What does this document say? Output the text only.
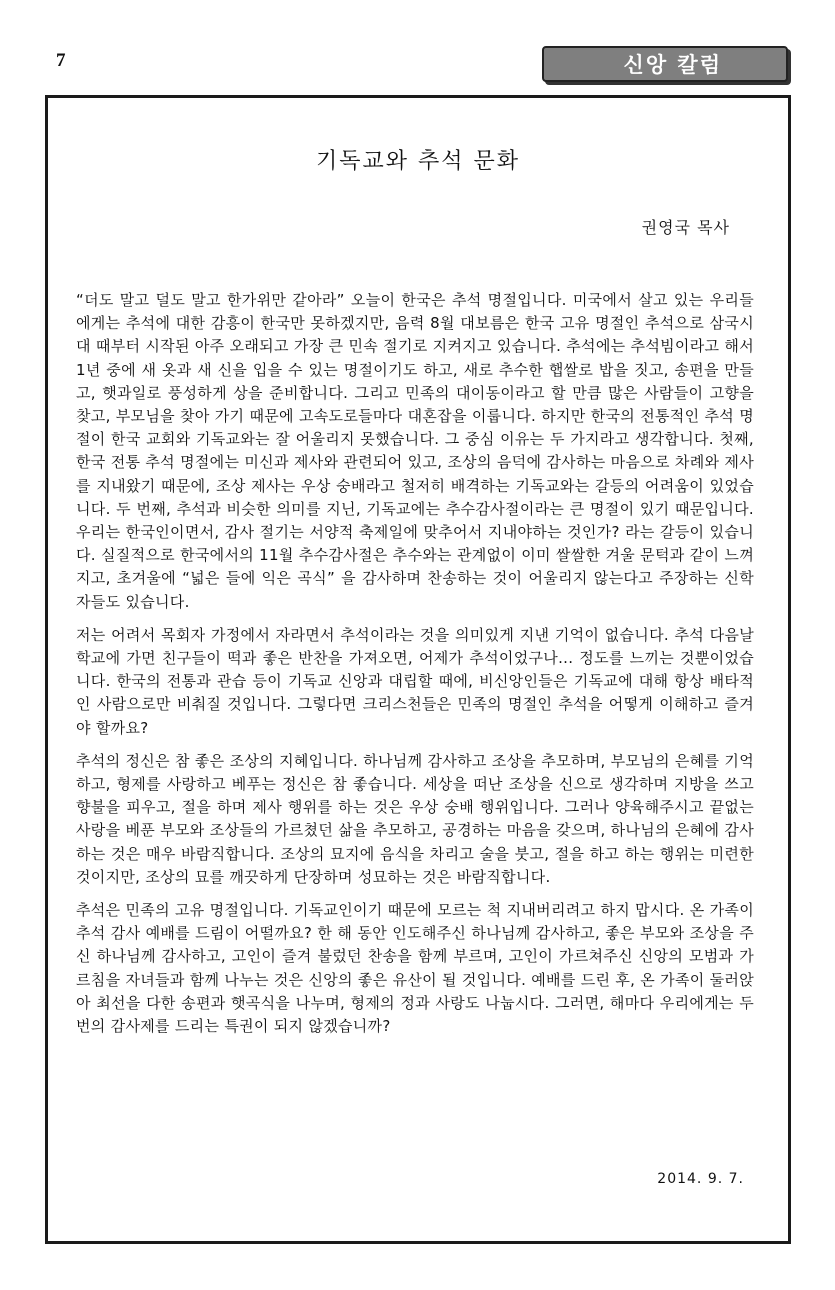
7	신앙 칼럼
기독교와 추석 문화
권영국 목사

“더도 말고 덜도 말고 한가위만 같아라” 오늘이 한국은 추석 명절입니다. 미국에서 살고 있는 우리들에게는 추석에 대한 감흥이 한국만 못하겠지만, 음력 8월 대보름은 한국 고유 명절인 추석으로 삼국시대 때부터 시작된 아주 오래되고 가장 큰 민속 절기로 지켜지고 있습니다. 추석에는 추석빔이라고 해서 1년 중에 새 옷과 새 신을 입을 수 있는 명절이기도 하고, 새로 추수한 햅쌀로 밥을 짓고, 송편을 만들고, 햇과일로 풍성하게 상을 준비합니다. 그리고 민족의 대이동이라고 할 만큼 많은 사람들이 고향을 찾고, 부모님을 찾아 가기 때문에 고속도로들마다 대혼잡을 이룹니다. 하지만 한국의 전통적인 추석 명절이 한국 교회와 기독교와는 잘 어울리지 못했습니다. 그 중심 이유는 두 가지라고 생각합니다. 첫째, 한국 전통 추석 명절에는 미신과 제사와 관련되어 있고, 조상의 음덕에 감사하는 마음으로 차례와 제사를 지내왔기 때문에, 조상 제사는 우상 숭배라고 철저히 배격하는 기독교와는 갈등의 어려움이 있었습니다. 두 번째, 추석과 비슷한 의미를 지닌, 기독교에는 추수감사절이라는 큰 명절이 있기 때문입니다. 우리는 한국인이면서, 감사 절기는 서양적 축제일에 맞추어서 지내야하는 것인가? 라는 갈등이 있습니다. 실질적으로 한국에서의 11월 추수감사절은 추수와는 관계없이 이미 쌀쌀한 겨울 문턱과 같이 느껴지고, 초겨울에 “넓은 들에 익은 곡식” 을 감사하며 찬송하는 것이 어울리지 않는다고 주장하는 신학자들도 있습니다.

저는 어려서 목회자 가정에서 자라면서 추석이라는 것을 의미있게 지낸 기억이 없습니다. 추석 다음날 학교에 가면 친구들이 떡과 좋은 반찬을 가져오면, 어제가 추석이었구나... 정도를 느끼는 것뿐이었습니다. 한국의 전통과 관습 등이 기독교 신앙과 대립할 때에, 비신앙인들은 기독교에 대해 항상 배타적인 사람으로만 비춰질 것입니다. 그렇다면 크리스천들은 민족의 명절인 추석을 어떻게 이해하고 즐겨야 할까요?

추석의 정신은 참 좋은 조상의 지혜입니다. 하나님께 감사하고 조상을 추모하며, 부모님의 은혜를 기억하고, 형제를 사랑하고 베푸는 정신은 참 좋습니다. 세상을 떠난 조상을 신으로 생각하며 지방을 쓰고 향불을 피우고, 절을 하며 제사 행위를 하는 것은 우상 숭배 행위입니다. 그러나 양육해주시고 끝없는 사랑을 베푼 부모와 조상들의 가르쳤던 삶을 추모하고, 공경하는 마음을 갖으며, 하나님의 은혜에 감사하는 것은 매우 바람직합니다. 조상의 묘지에 음식을 차리고 술을 붓고, 절을 하고 하는 행위는 미련한 것이지만, 조상의 묘를 깨끗하게 단장하며 성묘하는 것은 바람직합니다.

추석은 민족의 고유 명절입니다. 기독교인이기 때문에 모르는 척 지내버리려고 하지 맙시다. 온 가족이 추석 감사 예배를 드림이 어떨까요? 한 해 동안 인도해주신 하나님께 감사하고, 좋은 부모와 조상을 주신 하나님께 감사하고, 고인이 즐겨 불렀던 찬송을 함께 부르며, 고인이 가르쳐주신 신앙의 모범과 가르침을 자녀들과 함께 나누는 것은 신앙의 좋은 유산이 될 것입니다. 예배를 드린 후, 온 가족이 둘러앉아 최선을 다한 송편과 햇곡식을 나누며, 형제의 정과 사랑도 나눕시다. 그러면, 해마다 우리에게는 두 번의 감사제를 드리는 특권이 되지 않겠습니까?

2014. 9. 7.
